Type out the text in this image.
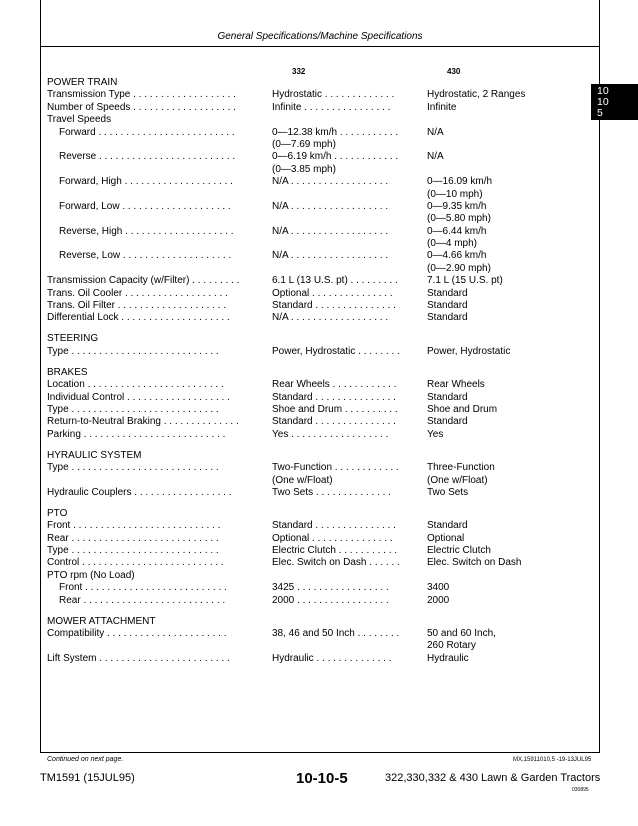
General Specifications/Machine Specifications
332	430
POWER TRAIN
Transmission Type . . . . . . . . . . . . . . . . . . .	Hydrostatic . . . . . . . . . . . . .	Hydrostatic, 2 Ranges
Number of Speeds . . . . . . . . . . . . . . . . . . .	Infinite . . . . . . . . . . . . . . . .	Infinite
Travel Speeds
Forward . . . . . . . . . . . . . . . . . . . . . . . . .	0—12.38 km/h . . . . . . . . . . .	N/A
(0—7.69 mph)
Reverse . . . . . . . . . . . . . . . . . . . . . . . . .	0—6.19 km/h . . . . . . . . . . . .	N/A
(0—3.85 mph)
Forward, High . . . . . . . . . . . . . . . . . . . .	N/A . . . . . . . . . . . . . . . . . .	0—16.09 km/h
(0—10 mph)
Forward, Low . . . . . . . . . . . . . . . . . . . .	N/A . . . . . . . . . . . . . . . . . .	0—9.35 km/h
(0—5.80 mph)
Reverse, High . . . . . . . . . . . . . . . . . . . .	N/A . . . . . . . . . . . . . . . . . .	0—6.44 km/h
(0—4 mph)
Reverse, Low . . . . . . . . . . . . . . . . . . . .	N/A . . . . . . . . . . . . . . . . . .	0—4.66 km/h
(0—2.90 mph)
Transmission Capacity (w/Filter) . . . . . . . . .	6.1 L (13 U.S. pt) . . . . . . . . .	7.1 L (15 U.S. pt)
Trans. Oil Cooler . . . . . . . . . . . . . . . . . . .	Optional . . . . . . . . . . . . . . .	Standard
Trans. Oil Filter . . . . . . . . . . . . . . . . . . . .	Standard . . . . . . . . . . . . . . .	Standard
Differential Lock . . . . . . . . . . . . . . . . . . . .	N/A . . . . . . . . . . . . . . . . . .	Standard
STEERING
Type . . . . . . . . . . . . . . . . . . . . . . . . . . .	Power, Hydrostatic . . . . . . . .	Power, Hydrostatic
BRAKES
Location . . . . . . . . . . . . . . . . . . . . . . . . .	Rear Wheels . . . . . . . . . . . .	Rear Wheels
Individual Control . . . . . . . . . . . . . . . . . . .	Standard . . . . . . . . . . . . . . .	Standard
Type . . . . . . . . . . . . . . . . . . . . . . . . . . .	Shoe and Drum . . . . . . . . . .	Shoe and Drum
Return-to-Neutral Braking . . . . . . . . . . . . . .	Standard . . . . . . . . . . . . . . .	Standard
Parking . . . . . . . . . . . . . . . . . . . . . . . . . .	Yes . . . . . . . . . . . . . . . . . .	Yes
HYRAULIC SYSTEM
Type . . . . . . . . . . . . . . . . . . . . . . . . . . .	Two-Function . . . . . . . . . . . .	Three-Function
(One w/Float)	(One w/Float)
Hydraulic Couplers . . . . . . . . . . . . . . . . . .	Two Sets . . . . . . . . . . . . . .	Two Sets
PTO
Front . . . . . . . . . . . . . . . . . . . . . . . . . . .	Standard . . . . . . . . . . . . . . .	Standard
Rear . . . . . . . . . . . . . . . . . . . . . . . . . . .	Optional . . . . . . . . . . . . . . .	Optional
Type . . . . . . . . . . . . . . . . . . . . . . . . . . .	Electric Clutch . . . . . . . . . . .	Electric Clutch
Control . . . . . . . . . . . . . . . . . . . . . . . . . .	Elec. Switch on Dash . . . . . .	Elec. Switch on Dash
PTO rpm (No Load)
Front . . . . . . . . . . . . . . . . . . . . . . . . . .	3425 . . . . . . . . . . . . . . . . .	3400
Rear . . . . . . . . . . . . . . . . . . . . . . . . . .	2000 . . . . . . . . . . . . . . . . .	2000
MOWER ATTACHMENT
Compatibility . . . . . . . . . . . . . . . . . . . . . .	38, 46 and 50 Inch . . . . . . . .	50 and 60 Inch,
260 Rotary
Lift System . . . . . . . . . . . . . . . . . . . . . . . .	Hydraulic . . . . . . . . . . . . . .	Hydraulic
10
10
5
Continued on next page.	MX,15911010,5 -19-13JUL95
TM1591 (15JUL95)	10-10-5	322,330,332 & 430 Lawn & Garden Tractors
030895
